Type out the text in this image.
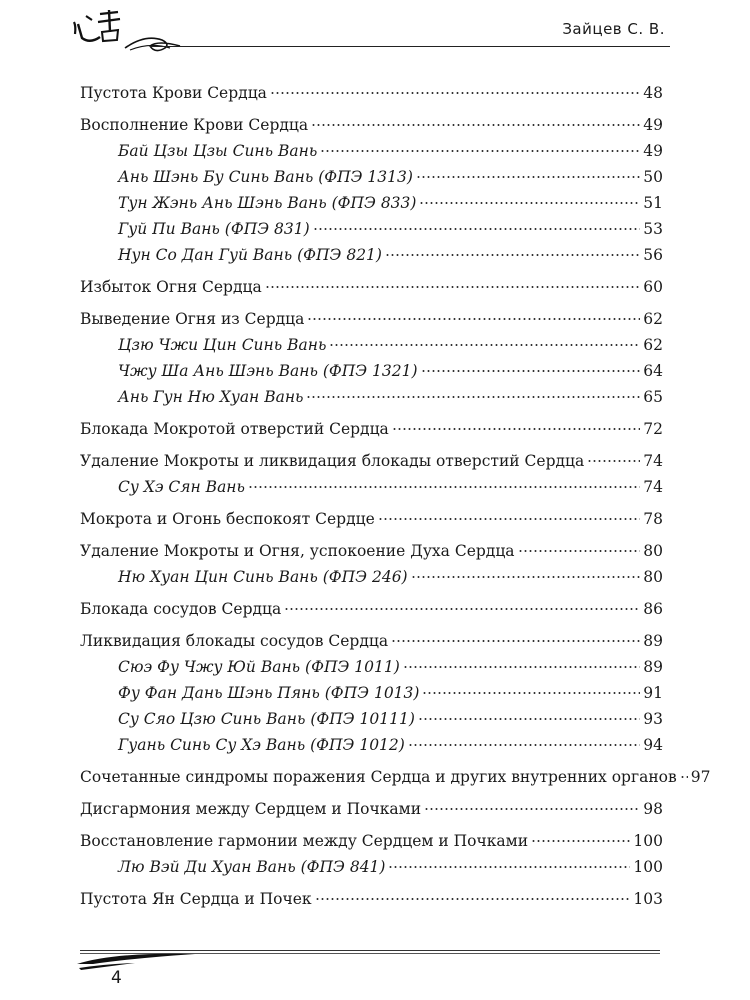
Зайцев С. В.
Пустота Крови Сердца	48
Восполнение Крови Сердца	49
Бай Цзы Цзы Синь Вань	49
Ань Шэнь Бу Синь Вань (ФПЭ 1313)	50
Тун Жэнь Ань Шэнь Вань (ФПЭ 833)	51
Гуй Пи Вань (ФПЭ 831)	53
Нун Со Дан Гуй Вань (ФПЭ 821)	56
Избыток Огня Сердца	60
Выведение Огня из Сердца	62
Цзю Чжи Цин Синь Вань	62
Чжу Ша Ань Шэнь Вань (ФПЭ 1321)	64
Ань Гун Ню Хуан Вань	65
Блокада Мокротой отверстий Сердца	72
Удаление Мокроты и ликвидация блокады отверстий Сердца	74
Су Хэ Сян Вань	74
Мокрота и Огонь беспокоят Сердце	78
Удаление Мокроты и Огня, успокоение Духа Сердца	80
Ню Хуан Цин Синь Вань (ФПЭ 246)	80
Блокада сосудов Сердца	86
Ликвидация блокады сосудов Сердца	89
Сюэ Фу Чжу Юй Вань (ФПЭ 1011)	89
Фу Фан Дань Шэнь Пянь (ФПЭ 1013)	91
Су Сяо Цзю Синь Вань (ФПЭ 10111)	93
Гуань Синь Су Хэ Вань (ФПЭ 1012)	94
Сочетанные синдромы поражения Сердца и других внутренних органов 97
Дисгармония между Сердцем и Почками	98
Восстановление гармонии между Сердцем и Почками	100
Лю Вэй Ди Хуан Вань (ФПЭ 841)	100
Пустота Ян Сердца и Почек	103
4
